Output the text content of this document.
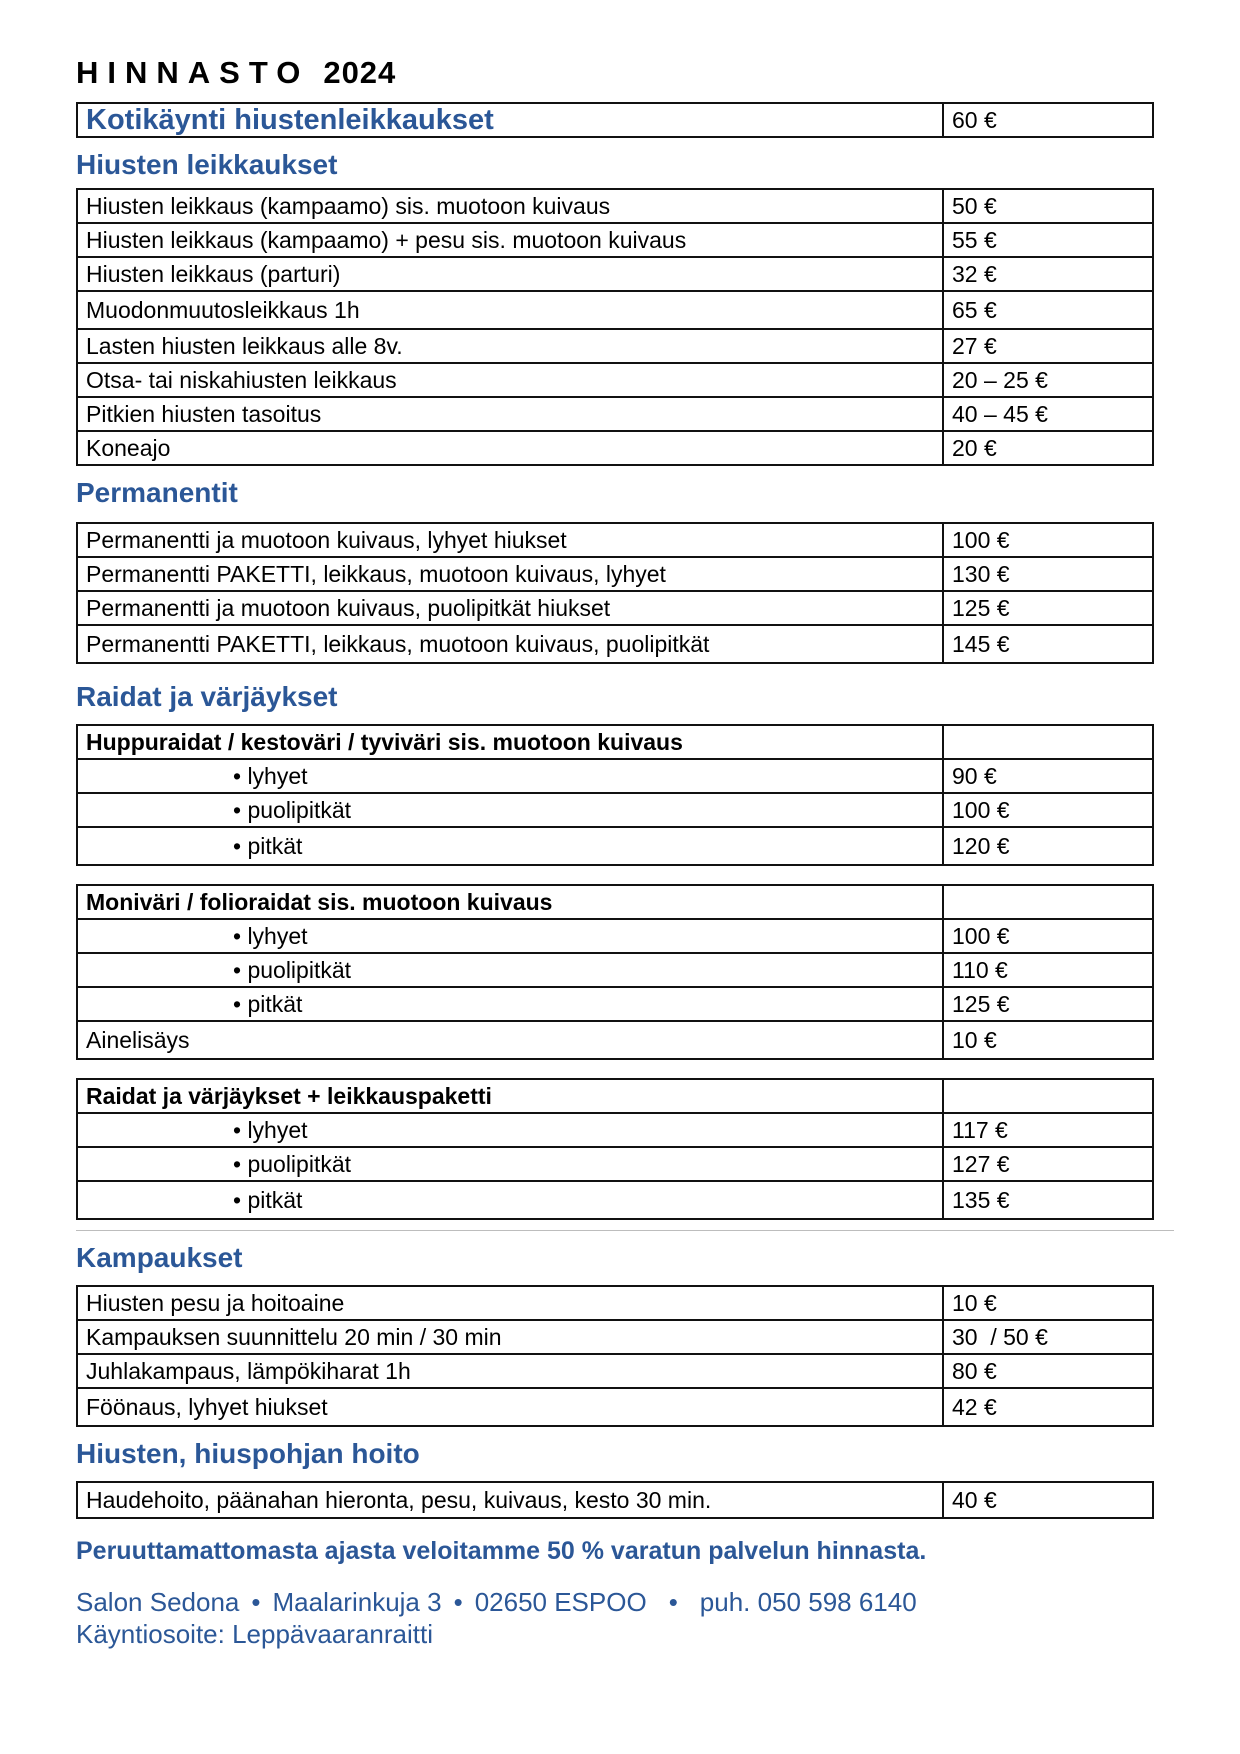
HINNASTO 2024
Kotikäynti hiustenleikkaukset	60 €
Hiusten leikkaukset
Hiusten leikkaus (kampaamo) sis. muotoon kuivaus	50 €
Hiusten leikkaus (kampaamo) + pesu sis. muotoon kuivaus	55 €
Hiusten leikkaus (parturi)	32 €
Muodonmuutosleikkaus 1h	65 €
Lasten hiusten leikkaus alle 8v.	27 €
Otsa- tai niskahiusten leikkaus	20 – 25 €
Pitkien hiusten tasoitus	40 – 45 €
Koneajo	20 €
Permanentit
Permanentti ja muotoon kuivaus, lyhyet hiukset	100 €
Permanentti PAKETTI, leikkaus, muotoon kuivaus, lyhyet	130 €
Permanentti ja muotoon kuivaus, puolipitkät hiukset	125 €
Permanentti PAKETTI, leikkaus, muotoon kuivaus, puolipitkät	145 €
Raidat ja värjäykset
Huppuraidat / kestoväri / tyviväri sis. muotoon kuivaus	
• lyhyet	90 €
• puolipitkät	100 €
• pitkät	120 €
Moniväri / folioraidat sis. muotoon kuivaus	
• lyhyet	100 €
• puolipitkät	110 €
• pitkät	125 €
Ainelisäys	10 €
Raidat ja värjäykset + leikkauspaketti	
• lyhyet	117 €
• puolipitkät	127 €
• pitkät	135 €
Kampaukset
Hiusten pesu ja hoitoaine	10 €
Kampauksen suunnittelu 20 min / 30 min	30  / 50 €
Juhlakampaus, lämpökiharat 1h	80 €
Föönaus, lyhyet hiukset	42 €
Hiusten, hiuspohjan hoito
Haudehoito, päänahan hieronta, pesu, kuivaus, kesto 30 min.	40 €
Peruuttamattomasta ajasta veloitamme 50 % varatun palvelun hinnasta.
Salon Sedona • Maalarinkuja 3 • 02650 ESPOO • puh. 050 598 6140
Käyntiosoite: Leppävaaranraitti
